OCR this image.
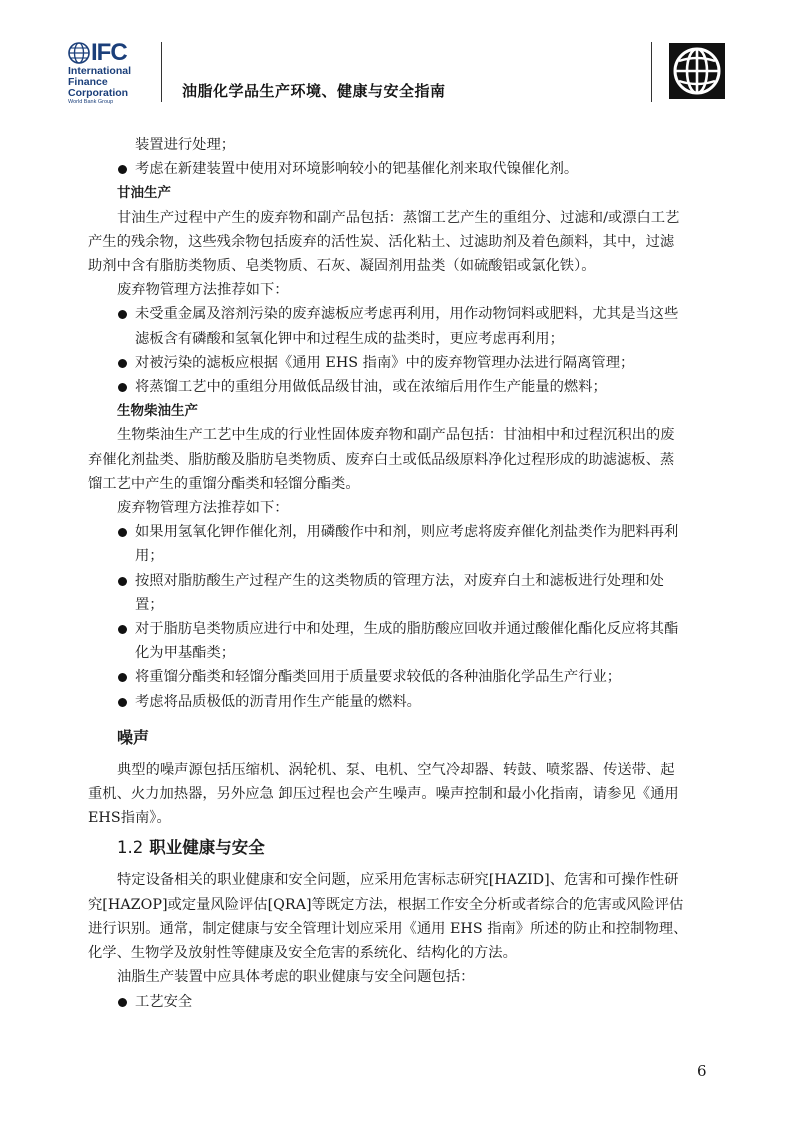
IFC
International
Finance
Corporation
World Bank Group
油脂化学品生产环境、健康与安全指南
装置进行处理；
考虑在新建装置中使用对环境影响较小的钯基催化剂来取代镍催化剂。
甘油生产
甘油生产过程中产生的废弃物和副产品包括：蒸馏工艺产生的重组分、过滤和/或漂白工艺
产生的残余物，这些残余物包括废弃的活性炭、活化粘土、过滤助剂及着色颜料，其中，过滤
助剂中含有脂肪类物质、皂类物质、石灰、凝固剂用盐类（如硫酸铝或氯化铁）。
废弃物管理方法推荐如下：
未受重金属及溶剂污染的废弃滤板应考虑再利用，用作动物饲料或肥料，尤其是当这些
滤板含有磷酸和氢氧化钾中和过程生成的盐类时，更应考虑再利用；
对被污染的滤板应根据《通用 EHS 指南》中的废弃物管理办法进行隔离管理；
将蒸馏工艺中的重组分用做低品级甘油，或在浓缩后用作生产能量的燃料；
生物柴油生产
生物柴油生产工艺中生成的行业性固体废弃物和副产品包括：甘油相中和过程沉积出的废
弃催化剂盐类、脂肪酸及脂肪皂类物质、废弃白土或低品级原料净化过程形成的助滤滤板、蒸
馏工艺中产生的重馏分酯类和轻馏分酯类。
废弃物管理方法推荐如下：
如果用氢氧化钾作催化剂，用磷酸作中和剂，则应考虑将废弃催化剂盐类作为肥料再利
用；
按照对脂肪酸生产过程产生的这类物质的管理方法，对废弃白土和滤板进行处理和处
置；
对于脂肪皂类物质应进行中和处理，生成的脂肪酸应回收并通过酸催化酯化反应将其酯
化为甲基酯类；
将重馏分酯类和轻馏分酯类回用于质量要求较低的各种油脂化学品生产行业；
考虑将品质极低的沥青用作生产能量的燃料。
噪声
典型的噪声源包括压缩机、涡轮机、泵、电机、空气冷却器、转鼓、喷浆器、传送带、起
重机、火力加热器，另外应急 卸压过程也会产生噪声。噪声控制和最小化指南，请参见《通用
EHS指南》。
1.2 职业健康与安全
特定设备相关的职业健康和安全问题，应采用危害标志研究[HAZID]、危害和可操作性研
究[HAZOP]或定量风险评估[QRA]等既定方法，根据工作安全分析或者综合的危害或风险评估
进行识别。通常，制定健康与安全管理计划应采用《通用 EHS 指南》所述的防止和控制物理、
化学、生物学及放射性等健康及安全危害的系统化、结构化的方法。
油脂生产装置中应具体考虑的职业健康与安全问题包括：
工艺安全
6
